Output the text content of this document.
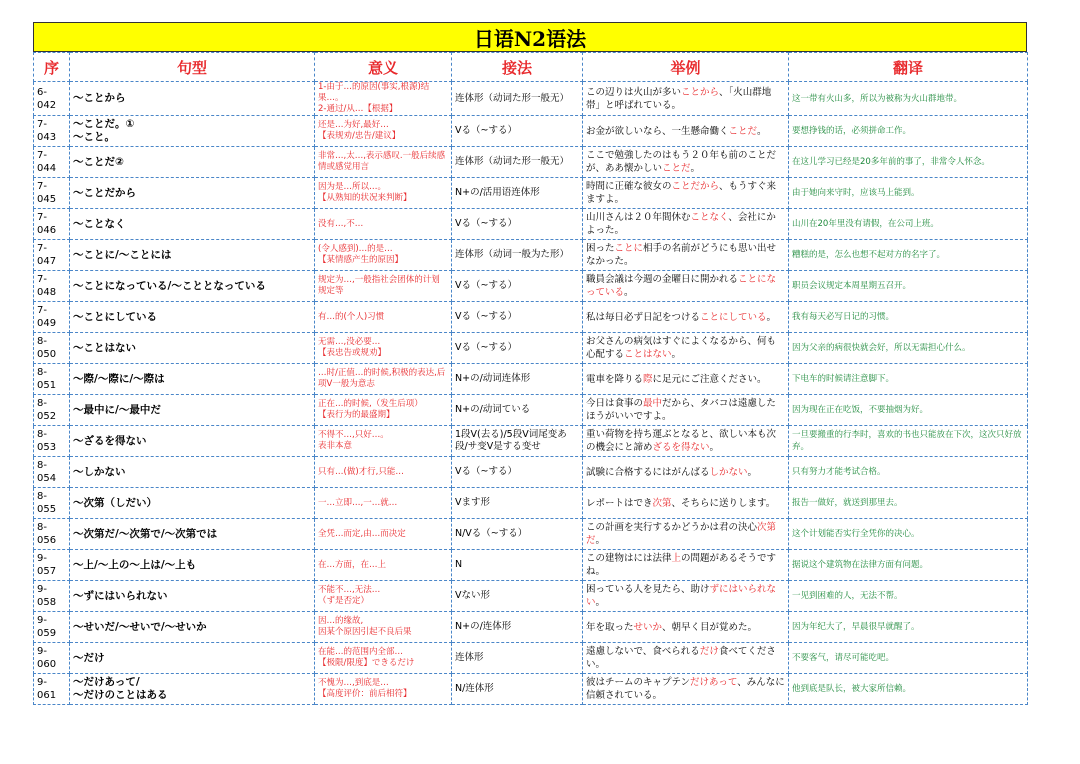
日语N2语法
序	句型	意义	接法	举例	翻译
6-042	～ことから	1-由于…的原因(事实,根源)结果…。
2-通过/从…【根据】	连体形（动词た形一般无）	この辺りは火山が多いことから、「火山群地帯」と呼ばれている。	这一带有火山多，所以为被称为火山群地带。
7-043	～ことだ。①
～こと。	还是…为好,最好…
【表规劝/忠告/建议】	Vる（~する）	お金が欲しいなら、一生懸命働くことだ。	要想挣钱的话，必须拼命工作。
7-044	～ことだ②	非常…,太…,表示感叹.一般后续感情或感觉用言	连体形（动词た形一般无）	ここで勉強したのはもう２０年も前のことだが、ああ懐かしいことだ。	在这儿学习已经是20多年前的事了，非常令人怀念。
7-045	～ことだから	因为是…所以…。
【从熟知的状况来判断】	N+の/活用语连体形	時間に正確な彼女のことだから、もうすぐ来ますよ。	由于她向来守时，应该马上能到。
7-046	～ことなく	没有…,不…	Vる（~する）	山川さんは２０年間休むことなく、会社にかよった。	山川在20年里没有请假，在公司上班。
7-047	～ことに/～ことには	(令人感到)…的是…
【某情感产生的原因】	连体形（动词一般为た形）	困ったことに相手の名前がどうにも思い出せなかった。	糟糕的是，怎么也想不起对方的名字了。
7-048	～ことになっている/～こととなっている	规定为…,一般指社会团体的计划规定等	Vる（~する）	職員会議は今週の金曜日に開かれることになっている。	职员会议规定本周星期五召开。
7-049	～ことにしている	有…的(个人)习惯	Vる（~する）	私は毎日必ず日記をつけることにしている。	我有每天必写日记的习惯。
8-050	～ことはない	无需…,没必要…
【表忠告或规劝】	Vる（~する）	お父さんの病気はすぐによくなるから、何も心配することはない。	因为父亲的病很快就会好，所以无需担心什么。
8-051	～際/～際に/～際は	…时/正值…的时候,积极的表达,后项V一般为意志	N+の/动词连体形	電車を降りる際に足元にご注意ください。	下电车的时候请注意脚下。
8-052	～最中に/～最中だ	正在…的时候,（发生后项）
【表行为的最盛期】	N+の/动词ている	今日は食事の最中だから、タバコは遠慮したほうがいいですよ。	因为现在正在吃饭，不要抽烟为好。
8-053	～ざるを得ない	不得不…,只好…。
表非本意	1段V(去る)/5段V词尾变あ段/サ变V是する变せ	重い荷物を持ち運ぶとなると、欲しい本も次の機会にと諦めざるを得ない。	一旦要搬重的行李时，喜欢的书也只能放在下次，这次只好放弃。
8-054	～しかない	只有…(做)才行,只能…	Vる（~する）	試験に合格するにはがんばるしかない。	只有努力才能考试合格。
8-055	～次第（しだい）	一…立即…,一…就…	Vます形	レポートはでき次第、そちらに送りします。	报告一做好，就送到那里去。
8-056	～次第だ/～次第で/～次第では	全凭…而定,由…而决定	N/Vる（~する）	この計画を実行するかどうかは君の決心次第だ。	这个计划能否实行全凭你的决心。
9-057	～上/～上の～上は/～上も	在…方面，在…上	N	この建物はには法律上の問題があるそうですね。	据说这个建筑物在法律方面有问题。
9-058	～ずにはいられない	不能不…,无法…
（ず是否定）	Vない形	困っている人を見たら、助けずにはいられない。	一见到困难的人，无法不帮。
9-059	～せいだ/～せいで/～せいか	因…的缘故,
因某个原因引起不良后果	N+の/连体形	年を取ったせいか、朝早く目が覚めた。	因为年纪大了，早晨很早就醒了。
9-060	～だけ	在能…的范围内全部…
【极限/限度】できるだけ	连体形	遠慮しないで、食べられるだけ食べてください。	不要客气，请尽可能吃吧。
9-061	～だけあって/
～だけのことはある	不愧为…,到底是…
【高度评价：前后相符】	N/连体形	彼はチームのキャプテンだけあって、みんなに信頼されている。	他到底是队长，被大家所信赖。
